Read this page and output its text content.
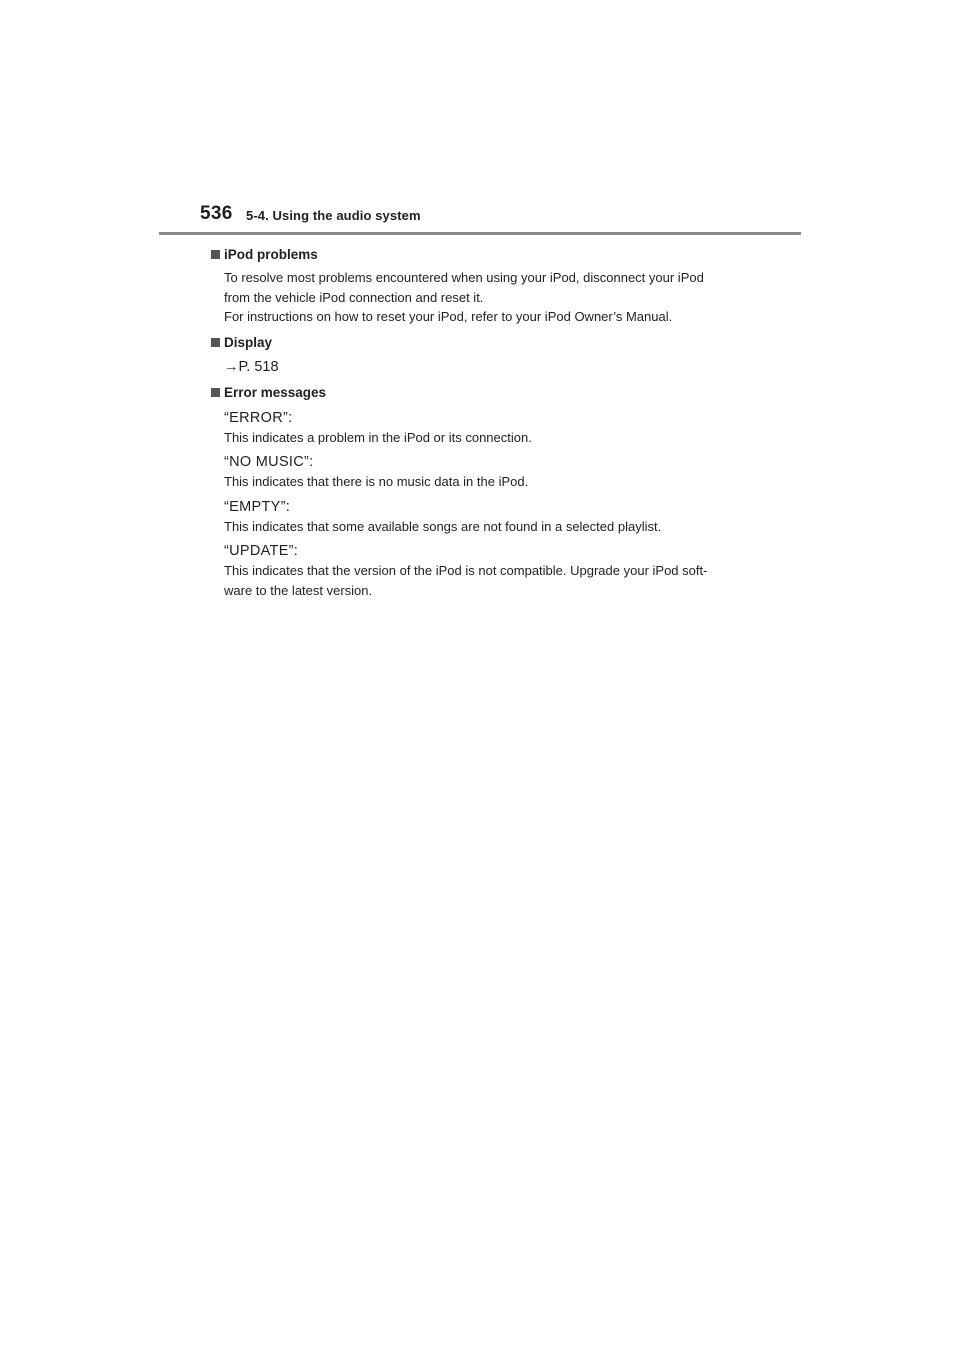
536 5-4. Using the audio system
iPod problems
To resolve most problems encountered when using your iPod, disconnect your iPod
from the vehicle iPod connection and reset it.
For instructions on how to reset your iPod, refer to your iPod Owner’s Manual.
Display
→P. 518
Error messages
“ERROR”:
This indicates a problem in the iPod or its connection.
“NO MUSIC”:
This indicates that there is no music data in the iPod.
“EMPTY”:
This indicates that some available songs are not found in a selected playlist.
“UPDATE”:
This indicates that the version of the iPod is not compatible. Upgrade your iPod soft-
ware to the latest version.
